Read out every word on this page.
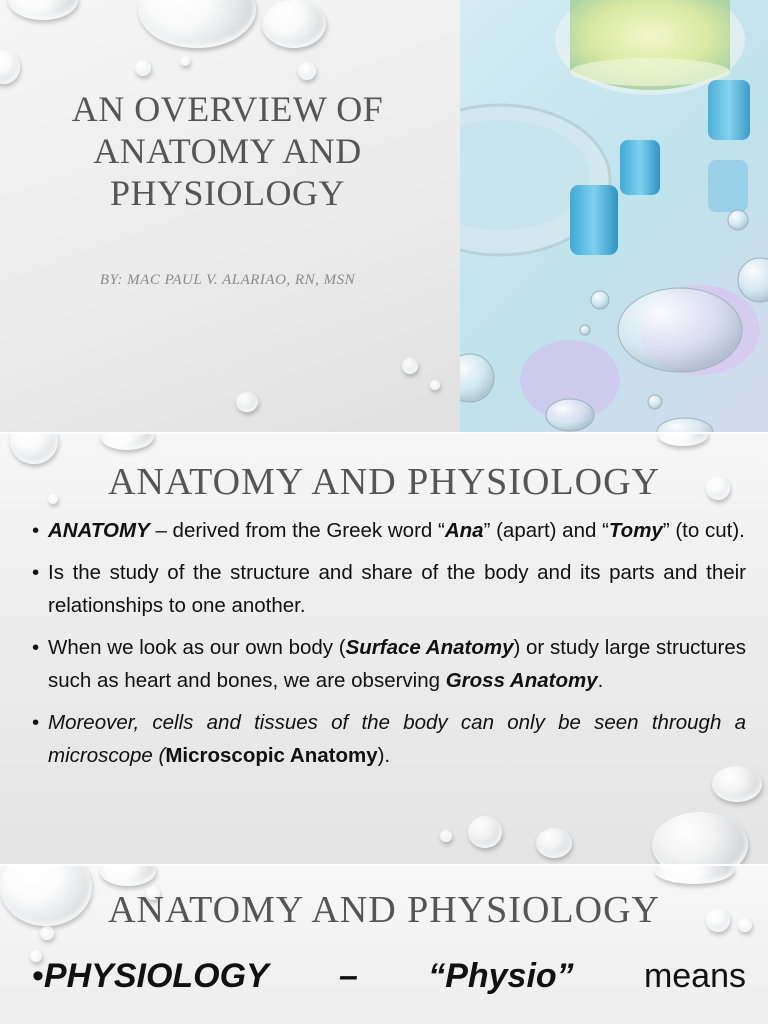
AN OVERVIEW OF ANATOMY AND PHYSIOLOGY
BY: MAC PAUL V. ALARIAO, RN, MSN
ANATOMY AND PHYSIOLOGY
• ANATOMY – derived from the Greek word “Ana” (apart) and “Tomy” (to cut).
• Is the study of the structure and share of the body and its parts and their relationships to one another.
• When we look as our own body (Surface Anatomy) or study large structures such as heart and bones, we are observing Gross Anatomy.
• Moreover, cells and tissues of the body can only be seen through a microscope (Microscopic Anatomy).
ANATOMY AND PHYSIOLOGY
•PHYSIOLOGY – “Physio” means
